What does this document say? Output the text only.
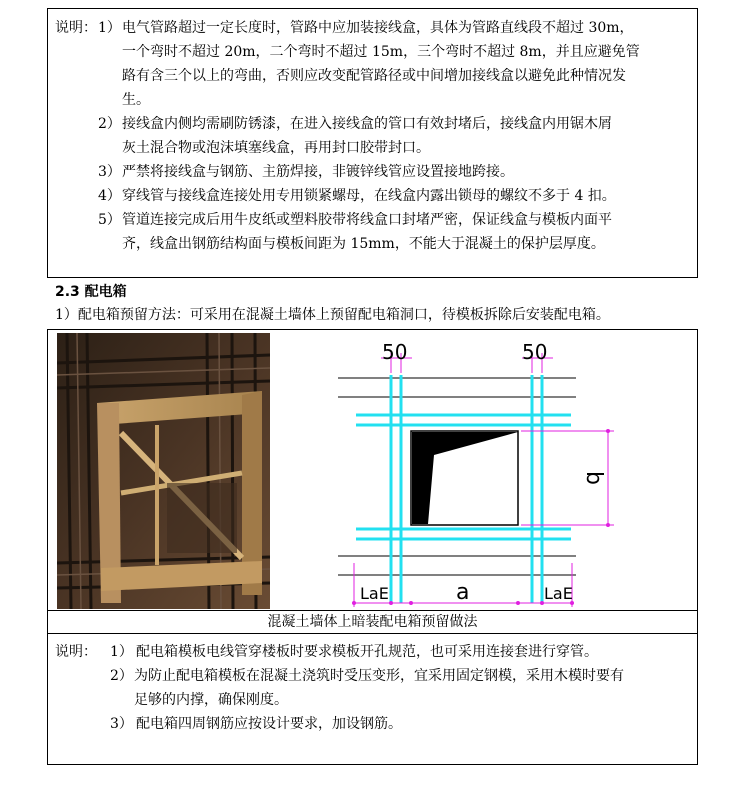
说明： 1） 电气管路超过一定长度时，管路中应加装接线盒，具体为管路直线段不超过 30m，
一个弯时不超过 20m，二个弯时不超过 15m，三个弯时不超过 8m，并且应避免管
路有含三个以上的弯曲，否则应改变配管路径或中间增加接线盒以避免此种情况发
生。
2） 接线盒内侧均需刷防锈漆，在进入接线盒的管口有效封堵后，接线盒内用锯木屑
灰土混合物或泡沫填塞线盒，再用封口胶带封口。
3） 严禁将接线盒与钢筋、主筋焊接，非镀锌线管应设置接地跨接。
4） 穿线管与接线盒连接处用专用锁紧螺母，在线盒内露出锁母的螺纹不多于 4 扣。
5） 管道连接完成后用牛皮纸或塑料胶带将线盒口封堵严密，保证线盒与模板内面平
齐，线盒出钢筋结构面与模板间距为 15mm，不能大于混凝土的保护层厚度。
2.3 配电箱
1）配电箱预留方法：可采用在混凝土墙体上预留配电箱洞口，待模板拆除后安装配电箱。
50	50
b
a
LaE	LaE
混凝土墙体上暗装配电箱预留做法
说明： 1） 配电箱模板电线管穿楼板时要求模板开孔规范，也可采用连接套进行穿管。
2） 为防止配电箱模板在混凝土浇筑时受压变形，宜采用固定钢模，采用木模时要有
足够的内撑，确保刚度。
3） 配电箱四周钢筋应按设计要求，加设钢筋。
